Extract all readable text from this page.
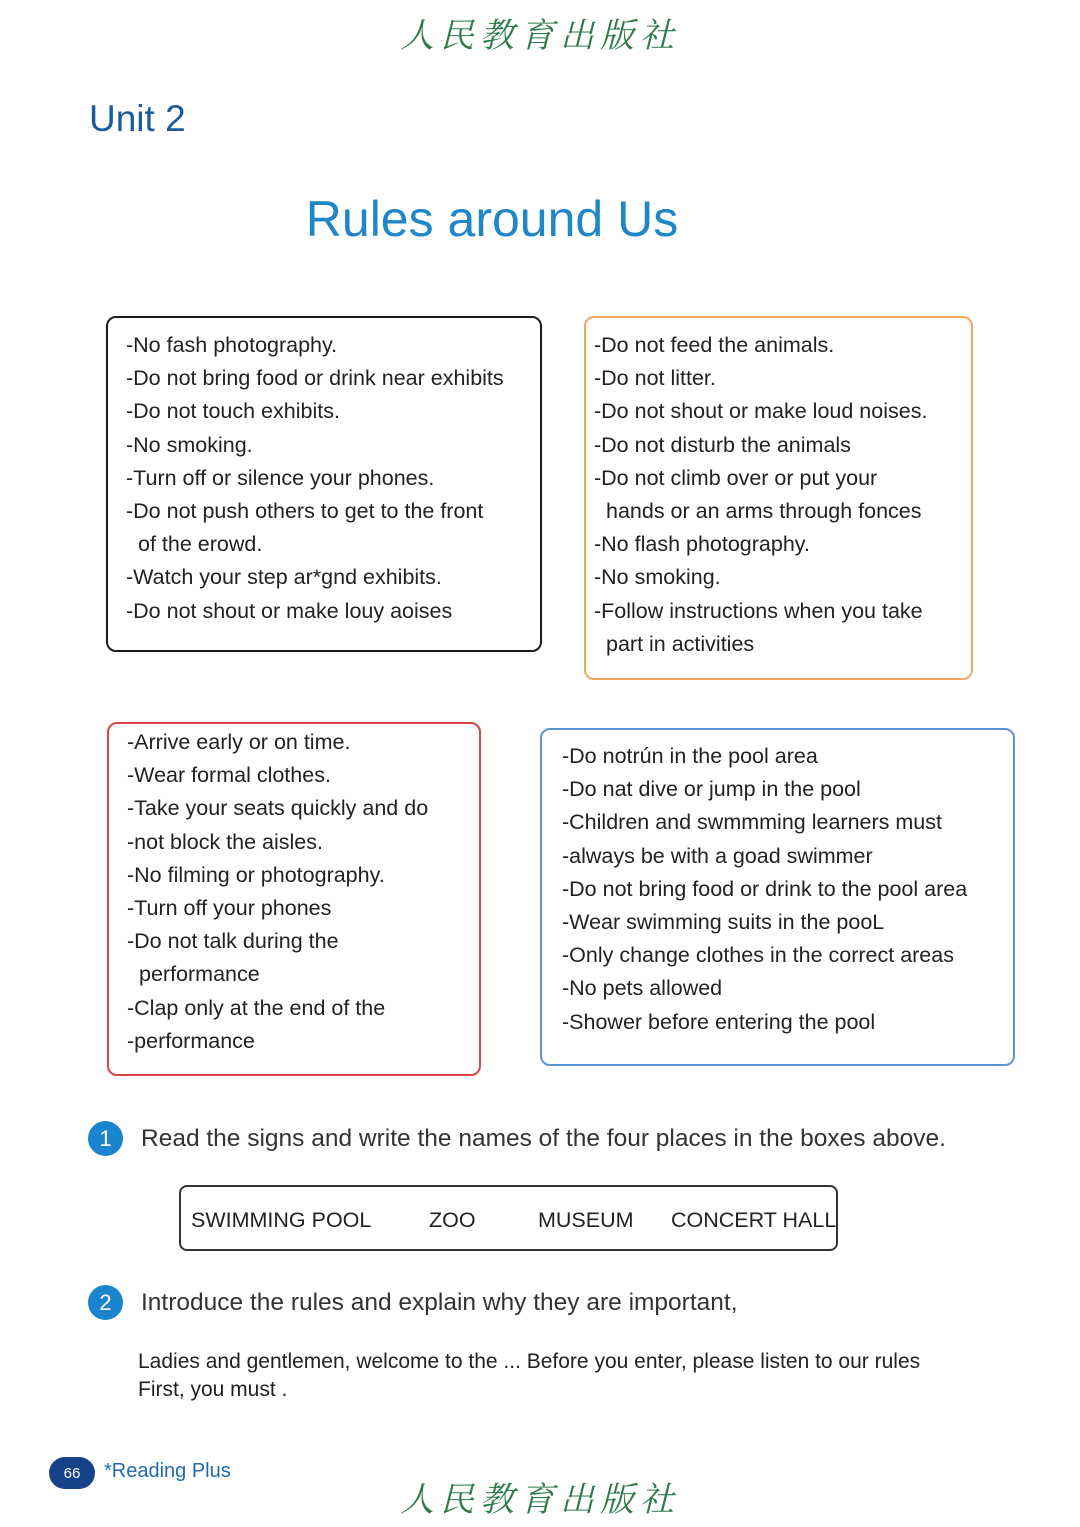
人民教育出版社
Unit 2
Rules around Us
-No fash photography.
-Do not bring food or drink near exhibits
-Do not touch exhibits.
-No smoking.
-Turn off or silence your phones.
-Do not push others to get to the front
of the erowd.
-Watch your step ar*gnd exhibits.
-Do not shout or make louy aoises
-Do not feed the animals.
-Do not litter.
-Do not shout or make loud noises.
-Do not disturb the animals
-Do not climb over or put your
hands or an arms through fonces
-No flash photography.
-No smoking.
-Follow instructions when you take
part in activities
-Arrive early or on time.
-Wear formal clothes.
-Take your seats quickly and do
-not block the aisles.
-No filming or photography.
-Turn off your phones
-Do not talk during the
performance
-Clap only at the end of the
-performance
-Do notrún in the pool area
-Do nat dive or jump in the pool
-Children and swmmming learners must
-always be with a goad swimmer
-Do not bring food or drink to the pool area
-Wear swimming suits in the pooL
-Only change clothes in the correct areas
-No pets allowed
-Shower before entering the pool
1	Read the signs and write the names of the four places in the boxes above.
SWIMMING POOL	ZOO	MUSEUM CONCERT HALL
2	Introduce the rules and explain why they are important,
Ladies and gentlemen, welcome to the ... Before you enter, please listen to our rules
First, you must .
66	*Reading Plus
人民教育出版社
